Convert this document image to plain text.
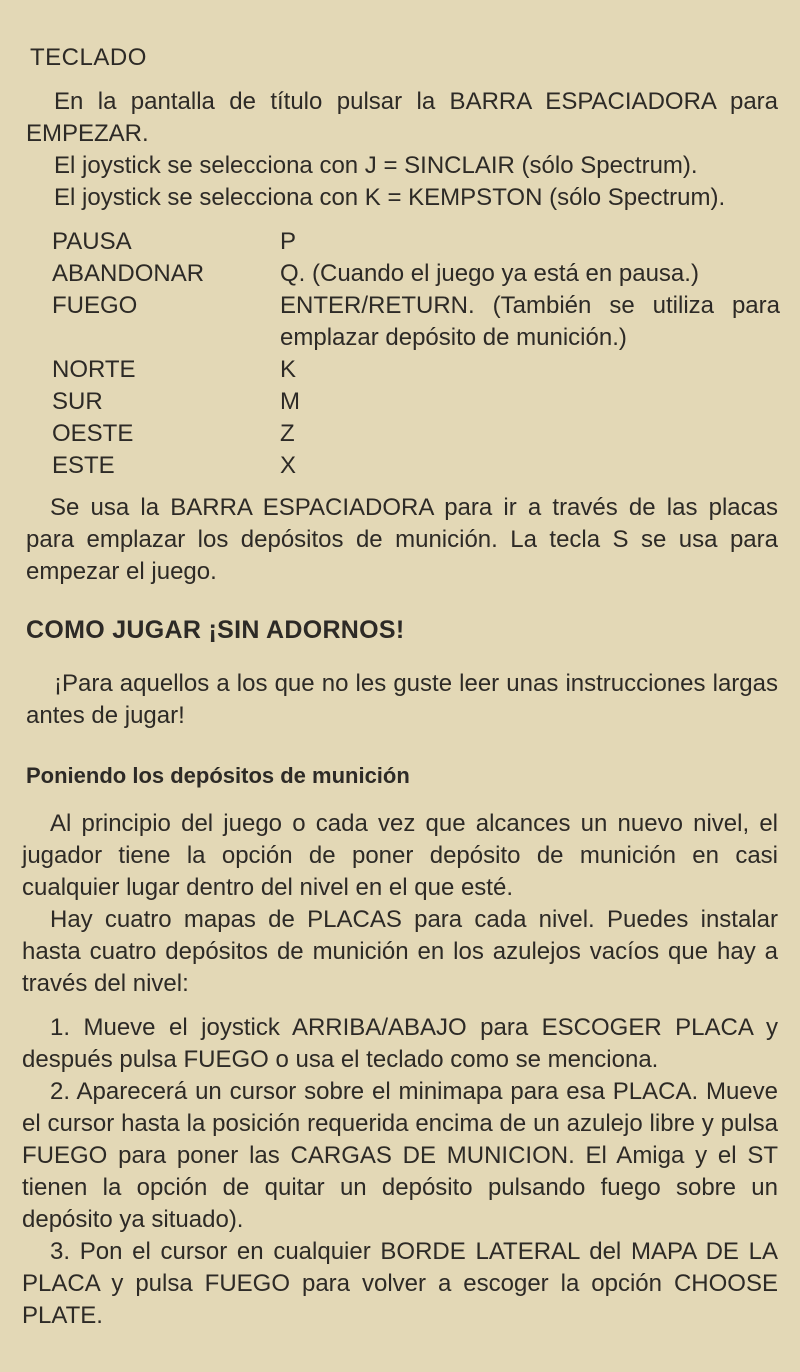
TECLADO

En la pantalla de título pulsar la BARRA ESPACIADORA para EMPEZAR.

El joystick se selecciona con J = SINCLAIR (sólo Spectrum).

El joystick se selecciona con K = KEMPSTON (sólo Spectrum).

PAUSA	P
ABANDONAR	Q. (Cuando el juego ya está en pausa.)
FUEGO	ENTER/RETURN. (También se utiliza para emplazar depósito de munición.)
NORTE	K
SUR	M
OESTE	Z
ESTE	X

Se usa la BARRA ESPACIADORA para ir a través de las placas para emplazar los depósitos de munición. La tecla S se usa para empezar el juego.

COMO JUGAR ¡SIN ADORNOS!

¡Para aquellos a los que no les guste leer unas instrucciones largas antes de jugar!

Poniendo los depósitos de munición

Al principio del juego o cada vez que alcances un nuevo nivel, el jugador tiene la opción de poner depósito de munición en casi cualquier lugar dentro del nivel en el que esté.

Hay cuatro mapas de PLACAS para cada nivel. Puedes instalar hasta cuatro depósitos de munición en los azulejos vacíos que hay a través del nivel:

1. Mueve el joystick ARRIBA/ABAJO para ESCOGER PLACA y después pulsa FUEGO o usa el teclado como se menciona.

2. Aparecerá un cursor sobre el minimapa para esa PLACA. Mueve el cursor hasta la posición requerida encima de un azulejo libre y pulsa FUEGO para poner las CARGAS DE MUNICION. El Amiga y el ST tienen la opción de quitar un depósito pulsando fuego sobre un depósito ya situado).

3. Pon el cursor en cualquier BORDE LATERAL del MAPA DE LA PLACA y pulsa FUEGO para volver a escoger la opción CHOOSE PLATE.
